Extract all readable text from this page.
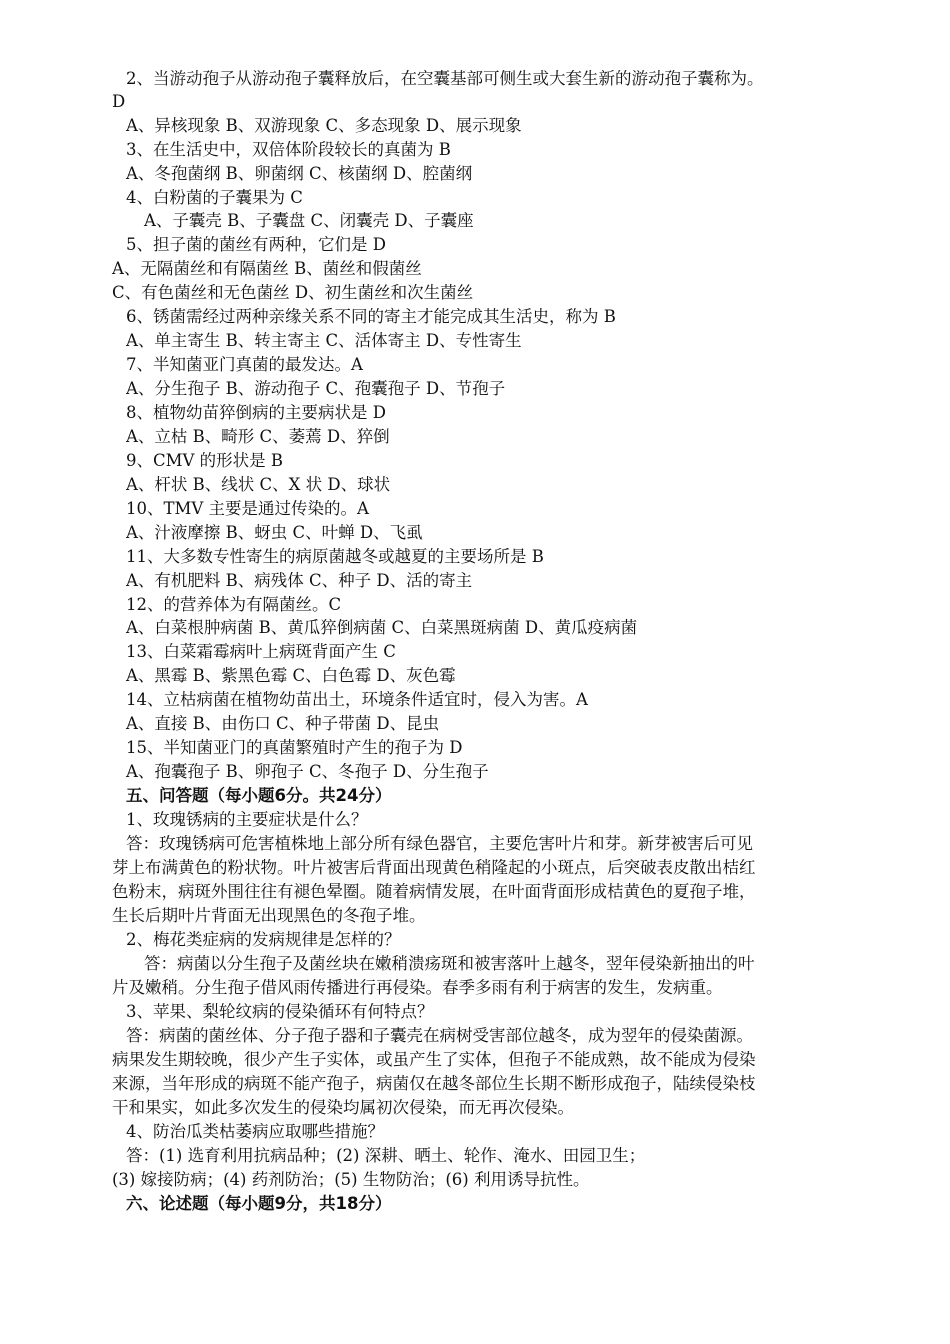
2、当游动孢子从游动孢子囊释放后，在空囊基部可侧生或大套生新的游动孢子囊称为。
D
A、异核现象 B、双游现象 C、多态现象 D、展示现象
3、在生活史中，双倍体阶段较长的真菌为 B
A、冬孢菌纲 B、卵菌纲 C、核菌纲 D、腔菌纲
4、白粉菌的子囊果为 C
A、子囊壳 B、子囊盘 C、闭囊壳 D、子囊座
5、担子菌的菌丝有两种，它们是 D
A、无隔菌丝和有隔菌丝 B、菌丝和假菌丝
C、有色菌丝和无色菌丝 D、初生菌丝和次生菌丝
6、锈菌需经过两种亲缘关系不同的寄主才能完成其生活史，称为 B
A、单主寄生 B、转主寄主 C、活体寄主 D、专性寄生
7、半知菌亚门真菌的最发达。A
A、分生孢子 B、游动孢子 C、孢囊孢子 D、节孢子
8、植物幼苗猝倒病的主要病状是 D
A、立枯 B、畸形 C、萎蔫 D、猝倒
9、CMV 的形状是 B
A、杆状 B、线状 C、X 状 D、球状
10、TMV 主要是通过传染的。A
A、汁液摩擦 B、蚜虫 C、叶蝉 D、飞虱
11、大多数专性寄生的病原菌越冬或越夏的主要场所是 B
A、有机肥料 B、病残体 C、种子 D、活的寄主
12、的营养体为有隔菌丝。C
A、白菜根肿病菌 B、黄瓜猝倒病菌 C、白菜黑斑病菌 D、黄瓜疫病菌
13、白菜霜霉病叶上病斑背面产生 C
A、黑霉 B、紫黑色霉 C、白色霉 D、灰色霉
14、立枯病菌在植物幼苗出土，环境条件适宜时，侵入为害。A
A、直接 B、由伤口 C、种子带菌 D、昆虫
15、半知菌亚门的真菌繁殖时产生的孢子为 D
A、孢囊孢子 B、卵孢子 C、冬孢子 D、分生孢子
五、问答题（每小题6分。共24分）
1、玫瑰锈病的主要症状是什么？
答：玫瑰锈病可危害植株地上部分所有绿色器官，主要危害叶片和芽。新芽被害后可见
芽上布满黄色的粉状物。叶片被害后背面出现黄色稍隆起的小斑点，后突破表皮散出桔红
色粉末，病斑外围往往有褪色晕圈。随着病情发展，在叶面背面形成桔黄色的夏孢子堆，
生长后期叶片背面无出现黑色的冬孢子堆。
2、梅花类症病的发病规律是怎样的？
答：病菌以分生孢子及菌丝块在嫩稍溃疡斑和被害落叶上越冬，翌年侵染新抽出的叶
片及嫩稍。分生孢子借风雨传播进行再侵染。春季多雨有利于病害的发生，发病重。
3、苹果、梨轮纹病的侵染循环有何特点？
答：病菌的菌丝体、分子孢子器和子囊壳在病树受害部位越冬，成为翌年的侵染菌源。
病果发生期较晚，很少产生子实体，或虽产生了实体，但孢子不能成熟，故不能成为侵染
来源，当年形成的病斑不能产孢子，病菌仅在越冬部位生长期不断形成孢子，陆续侵染枝
干和果实，如此多次发生的侵染均属初次侵染，而无再次侵染。
4、防治瓜类枯萎病应取哪些措施？
答：(1) 选育利用抗病品种；(2) 深耕、晒土、轮作、淹水、田园卫生；
(3) 嫁接防病；(4) 药剂防治；(5) 生物防治；(6) 利用诱导抗性。
六、论述题（每小题9分，共18分）
